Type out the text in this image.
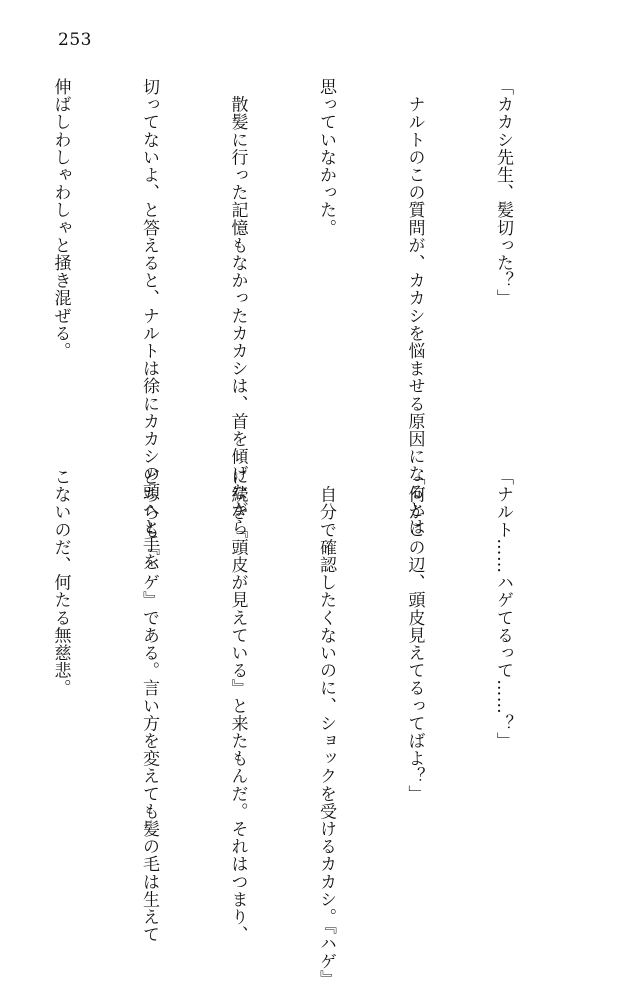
253

「カカシ先生、髪切った？」

　ナルトのこの質問が、カカシを悩ませる原因になるとは

思っていなかった。

　散髪に行った記憶もなかったカカシは、首を傾げながら

切ってないよ、と答えると、ナルトは徐にカカシの頭へと手を

伸ばしわしゃわしゃと掻き混ぜる。

「ナルト……ハゲてるって……？」

「何かこの辺、頭皮見えてるってばよ？」

　自分で確認したくないのに、ショックを受けるカカシ。『ハゲ』

に続き『頭皮が見えている』と来たもんだ。それはつまり、

どちらも『ハゲ』である。言い方を変えても髪の毛は生えて

こないのだ、何たる無慈悲。
